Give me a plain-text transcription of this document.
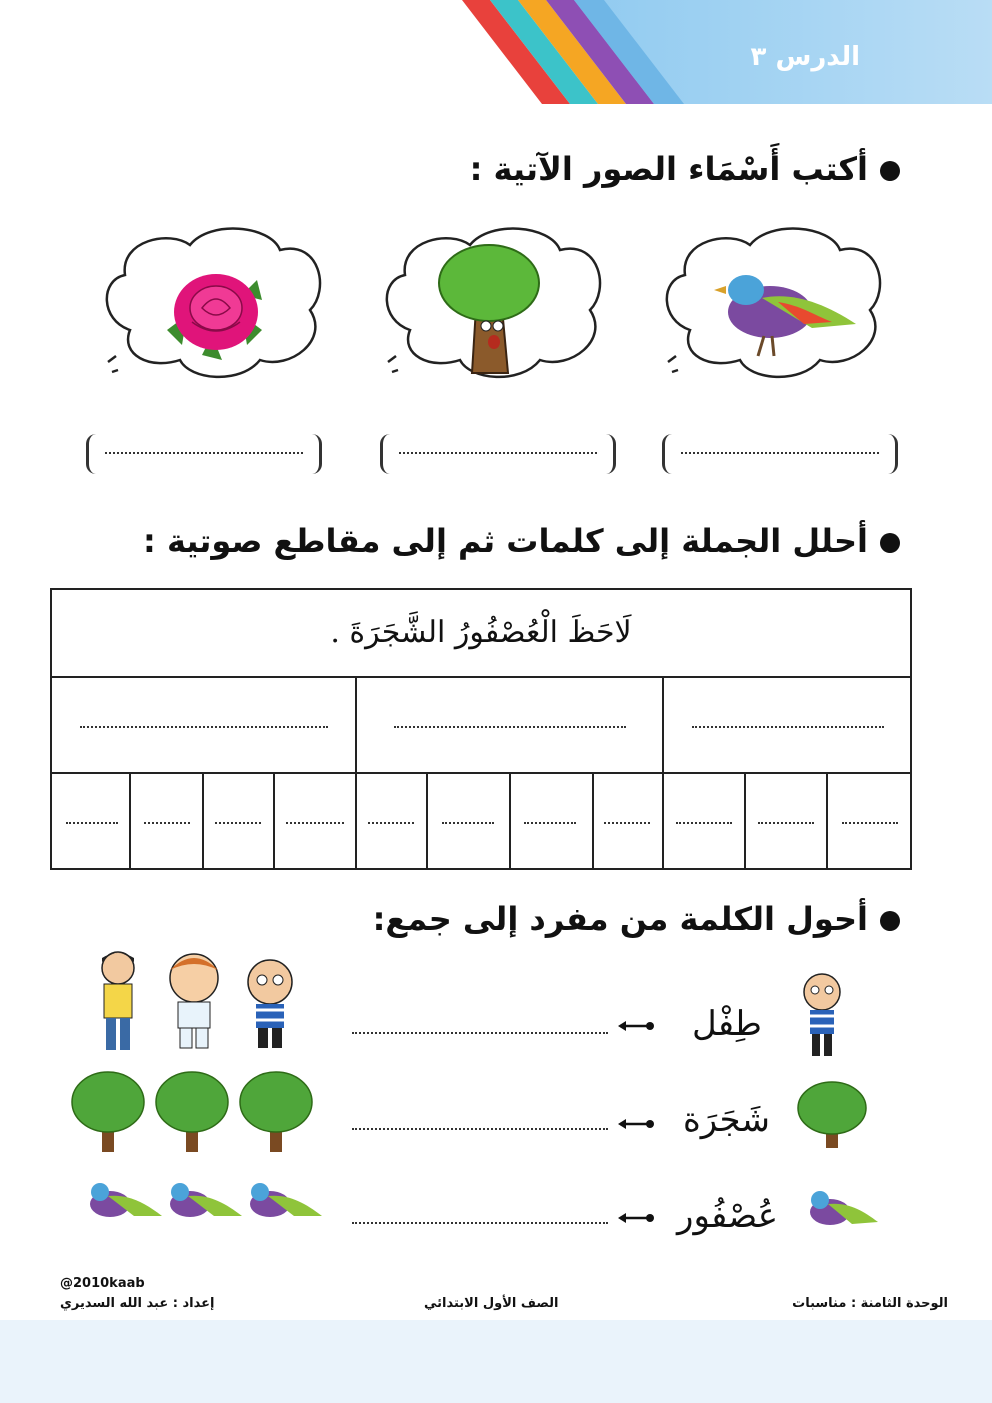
الدرس ٣
أكتب أَسْمَاء الصور الآتية :
أحلل الجملة إلى كلمات ثم إلى مقاطع صوتية :
لَاحَظَ الْعُصْفُورُ الشَّجَرَةَ .
أحول الكلمة من مفرد إلى جمع:
طِفْل
شَجَرَة
عُصْفُور
@2010kaab
إعداد : عبد الله السديري	الصف الأول الابتدائي	الوحدة الثامنة : مناسبات
